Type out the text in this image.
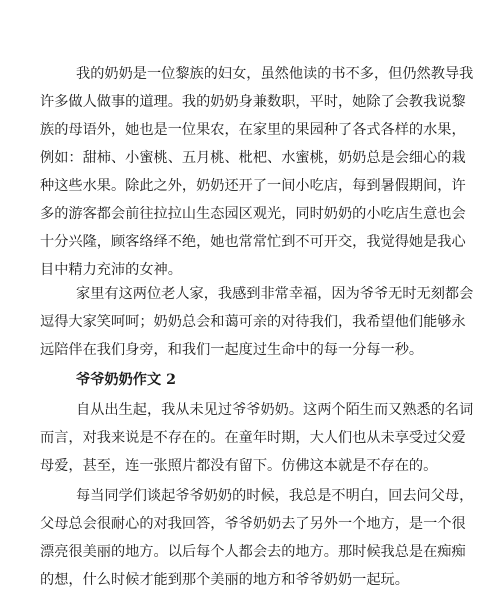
我的奶奶是一位黎族的妇女，虽然他读的书不多，但仍然教导我
许多做人做事的道理。我的奶奶身兼数职，平时，她除了会教我说黎
族的母语外，她也是一位果农，在家里的果园种了各式各样的水果，
例如：甜柿、小蜜桃、五月桃、枇杷、水蜜桃，奶奶总是会细心的栽
种这些水果。除此之外，奶奶还开了一间小吃店，每到暑假期间，许
多的游客都会前往拉拉山生态园区观光，同时奶奶的小吃店生意也会
十分兴隆，顾客络绎不绝，她也常常忙到不可开交，我觉得她是我心
目中精力充沛的女神。
家里有这两位老人家，我感到非常幸福，因为爷爷无时无刻都会
逗得大家笑呵呵；奶奶总会和蔼可亲的对待我们，我希望他们能够永
远陪伴在我们身旁，和我们一起度过生命中的每一分每一秒。
爷爷奶奶作文 2
自从出生起，我从未见过爷爷奶奶。这两个陌生而又熟悉的名词
而言，对我来说是不存在的。在童年时期，大人们也从未享受过父爱
母爱，甚至，连一张照片都没有留下。仿佛这本就是不存在的。
每当同学们谈起爷爷奶奶的时候，我总是不明白，回去问父母，
父母总会很耐心的对我回答，爷爷奶奶去了另外一个地方，是一个很
漂亮很美丽的地方。以后每个人都会去的地方。那时候我总是在痴痴
的想，什么时候才能到那个美丽的地方和爷爷奶奶一起玩。
